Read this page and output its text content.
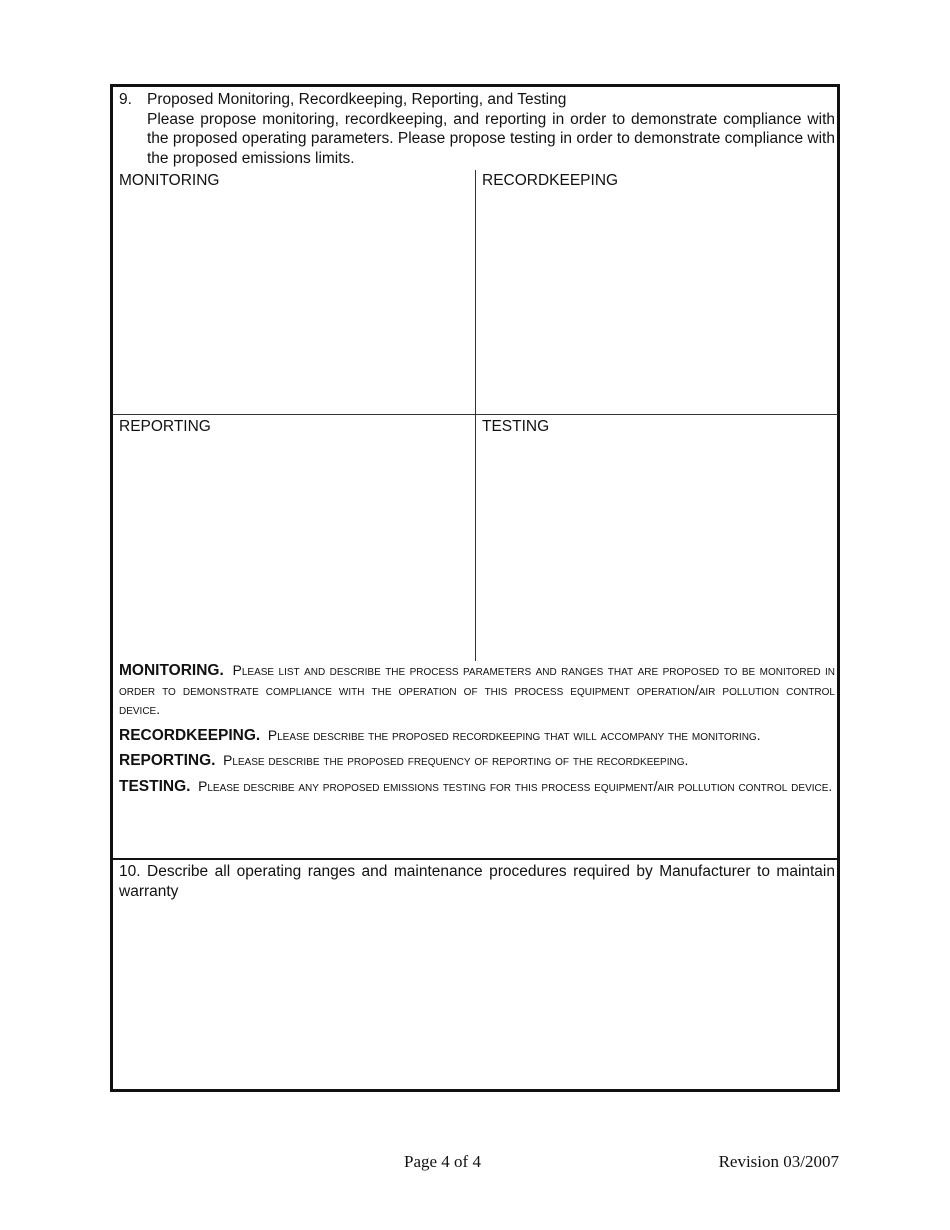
9. Proposed Monitoring, Recordkeeping, Reporting, and Testing
Please propose monitoring, recordkeeping, and reporting in order to demonstrate compliance with the proposed operating parameters. Please propose testing in order to demonstrate compliance with the proposed emissions limits.
MONITORING	RECORDKEEPING
REPORTING	TESTING
MONITORING. Please list and describe the process parameters and ranges that are proposed to be monitored in order to demonstrate compliance with the operation of this process equipment operation/air pollution control device.
RECORDKEEPING. Please describe the proposed recordkeeping that will accompany the monitoring.
REPORTING. Please describe the proposed frequency of reporting of the recordkeeping.
TESTING. Please describe any proposed emissions testing for this process equipment/air pollution control device.
10. Describe all operating ranges and maintenance procedures required by Manufacturer to maintain warranty
Page 4 of 4	Revision 03/2007
